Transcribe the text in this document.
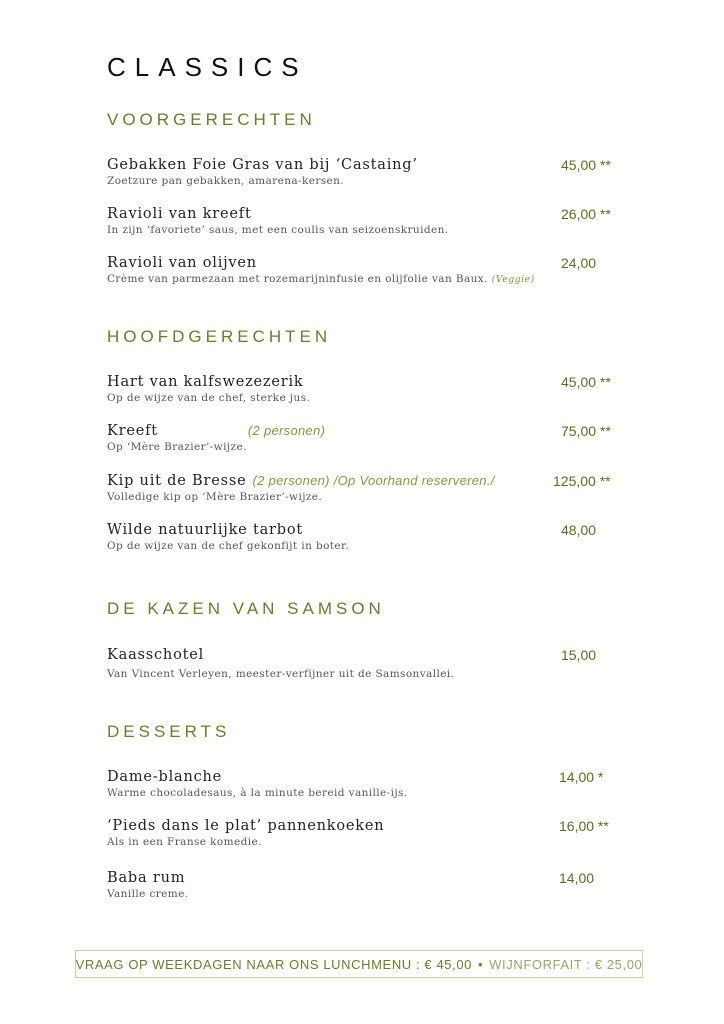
CLASSICS
VOORGERECHTEN
Gebakken Foie Gras van bij ‘Castaing’
Zoetzure pan gebakken, amarena-kersen.
45,00 **
Ravioli van kreeft
In zijn ‘favoriete’ saus, met een coulis van seizoenskruiden.
26,00 **
Ravioli van olijven
Crème van parmezaan met rozemarijninfusie en olijfolie van Baux. (Veggie)
24,00
HOOFDGERECHTEN
Hart van kalfswezezerik
Op de wijze van de chef, sterke jus.
45,00 **
Kreeft	(2 personen)
Op ‘Mère Brazier’-wijze.
75,00 **
Kip uit de Bresse (2 personen) /Op Voorhand reserveren./
Volledige kip op ‘Mère Brazier’-wijze.
125,00 **
Wilde natuurlijke tarbot
Op de wijze van de chef gekonfijt in boter.
48,00
DE KAZEN VAN SAMSON
Kaasschotel
Van Vincent Verleyen, meester-verfijner uit de Samsonvallei.
15,00
DESSERTS
Dame-blanche
Warme chocoladesaus, à la minute bereid vanille-ijs.
14,00 *
‘Pieds dans le plat’ pannenkoeken
Als in een Franse komedie.
16,00 **
Baba rum
Vanille creme.
14,00
VRAAG OP WEEKDAGEN NAAR ONS LUNCHMENU : € 45,00 • WIJNFORFAIT : € 25,00
